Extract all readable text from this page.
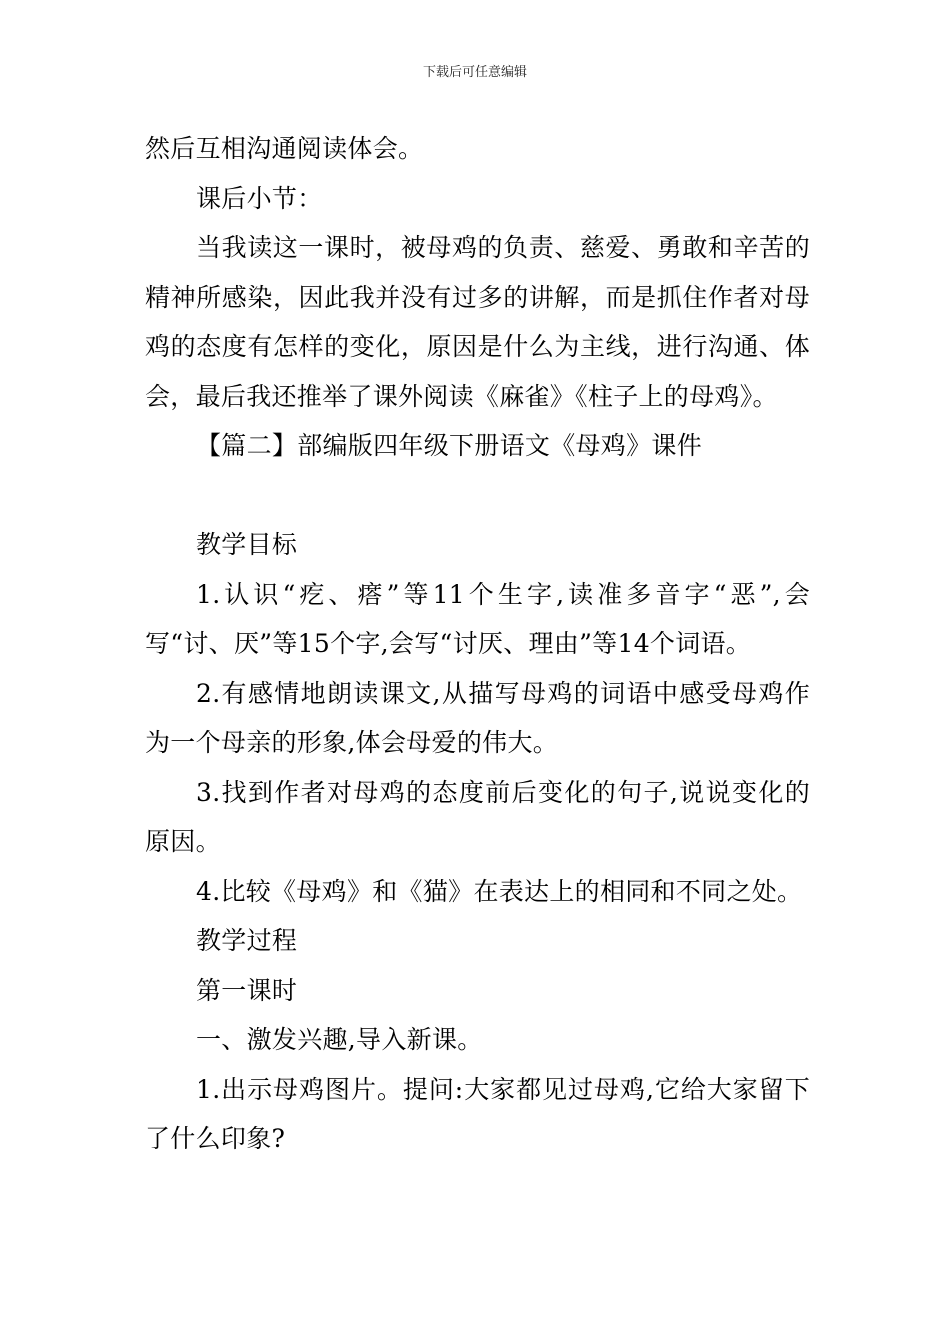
下载后可任意编辑

然后互相沟通阅读体会。

课后小节：

当我读这一课时，被母鸡的负责、慈爱、勇敢和辛苦的精神所感染，因此我并没有过多的讲解，而是抓住作者对母鸡的态度有怎样的变化，原因是什么为主线，进行沟通、体会，最后我还推举了课外阅读《麻雀》《柱子上的母鸡》。

【篇二】部编版四年级下册语文《母鸡》课件

教学目标

1.认识“疙、瘩”等11个生字,读准多音字“恶”,会写“讨、厌”等15个字,会写“讨厌、理由”等14个词语。

2.有感情地朗读课文,从描写母鸡的词语中感受母鸡作为一个母亲的形象,体会母爱的伟大。

3.找到作者对母鸡的态度前后变化的句子,说说变化的原因。

4.比较《母鸡》和《猫》在表达上的相同和不同之处。

教学过程

第一课时

一、激发兴趣,导入新课。

1.出示母鸡图片。提问:大家都见过母鸡,它给大家留下了什么印象?
